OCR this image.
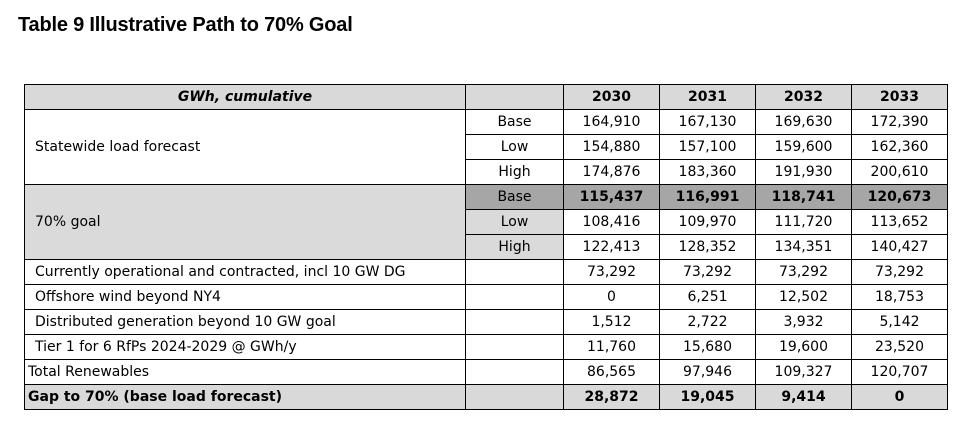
Table 9 Illustrative Path to 70% Goal
GWh, cumulative		2030	2031	2032	2033
Statewide load forecast	Base	164,910	167,130	169,630	172,390
	Low	154,880	157,100	159,600	162,360
	High	174,876	183,360	191,930	200,610
70% goal	Base	115,437	116,991	118,741	120,673
	Low	108,416	109,970	111,720	113,652
	High	122,413	128,352	134,351	140,427
Currently operational and contracted, incl 10 GW DG		73,292	73,292	73,292	73,292
Offshore wind beyond NY4		0	6,251	12,502	18,753
Distributed generation beyond 10 GW goal		1,512	2,722	3,932	5,142
Tier 1 for 6 RfPs 2024-2029 @ GWh/y		11,760	15,680	19,600	23,520
Total Renewables		86,565	97,946	109,327	120,707
Gap to 70% (base load forecast)		28,872	19,045	9,414	0
